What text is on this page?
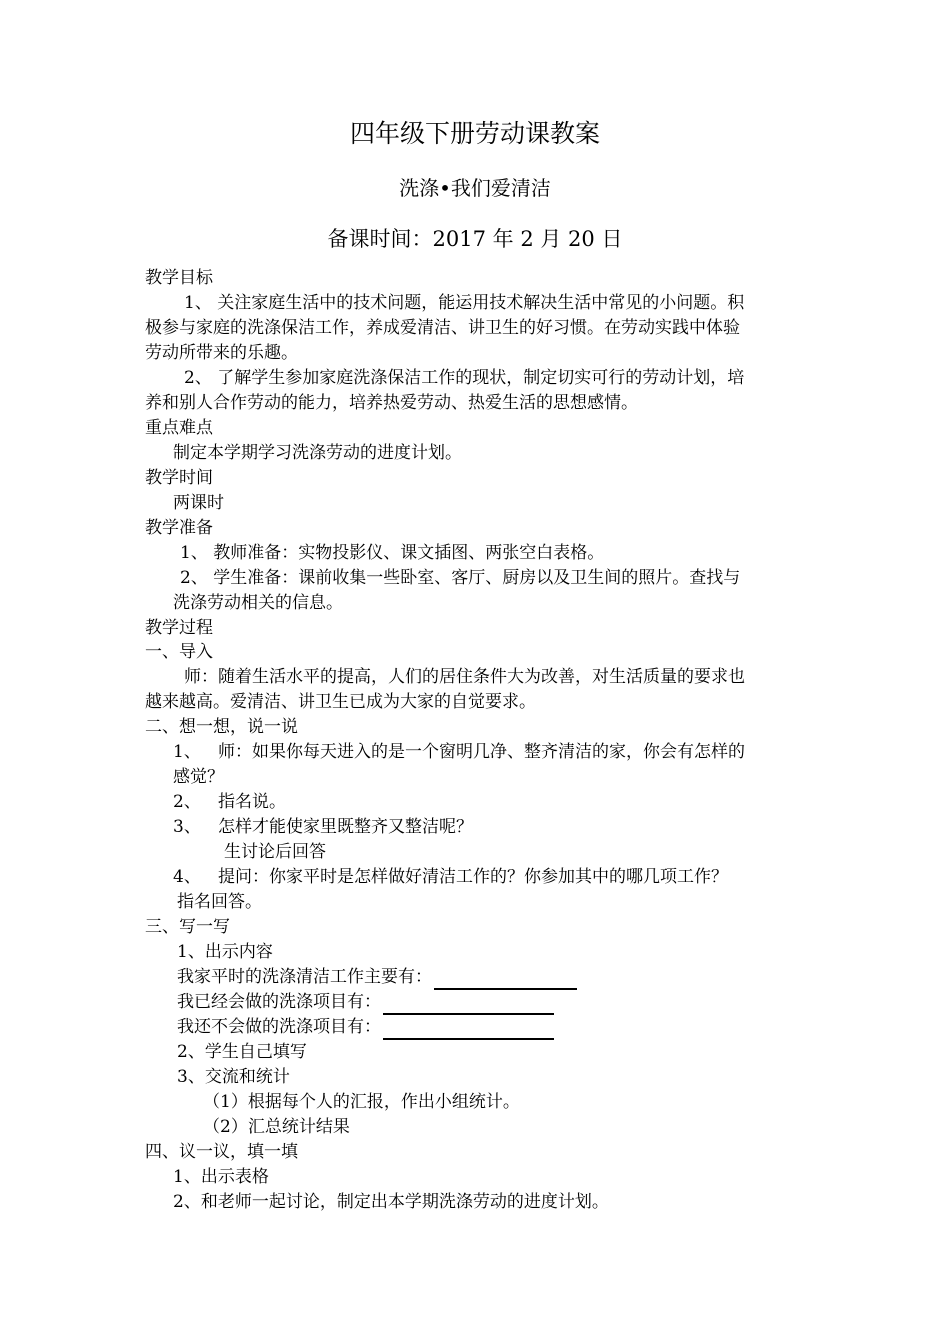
四年级下册劳动课教案
洗涤•我们爱清洁
备课时间：2017 年 2 月 20 日
教学目标
1、 关注家庭生活中的技术问题，能运用技术解决生活中常见的小问题。积
极参与家庭的洗涤保洁工作，养成爱清洁、讲卫生的好习惯。在劳动实践中体验
劳动所带来的乐趣。
2、 了解学生参加家庭洗涤保洁工作的现状，制定切实可行的劳动计划，培
养和别人合作劳动的能力，培养热爱劳动、热爱生活的思想感情。
重点难点
制定本学期学习洗涤劳动的进度计划。
教学时间
两课时
教学准备
1、 教师准备：实物投影仪、课文插图、两张空白表格。
2、 学生准备：课前收集一些卧室、客厅、厨房以及卫生间的照片。查找与
洗涤劳动相关的信息。
教学过程
一、导入
师：随着生活水平的提高，人们的居住条件大为改善，对生活质量的要求也
越来越高。爱清洁、讲卫生已成为大家的自觉要求。
二、想一想，说一说
1、 师：如果你每天进入的是一个窗明几净、整齐清洁的家，你会有怎样的
感觉？
2、 指名说。
3、 怎样才能使家里既整齐又整洁呢？
生讨论后回答
4、 提问：你家平时是怎样做好清洁工作的？你参加其中的哪几项工作？
指名回答。
三、写一写
1、出示内容
我家平时的洗涤清洁工作主要有：
我已经会做的洗涤项目有：
我还不会做的洗涤项目有：
2、学生自己填写
3、交流和统计
（1）根据每个人的汇报，作出小组统计。
（2）汇总统计结果
四、议一议，填一填
1、出示表格
2、和老师一起讨论，制定出本学期洗涤劳动的进度计划。
